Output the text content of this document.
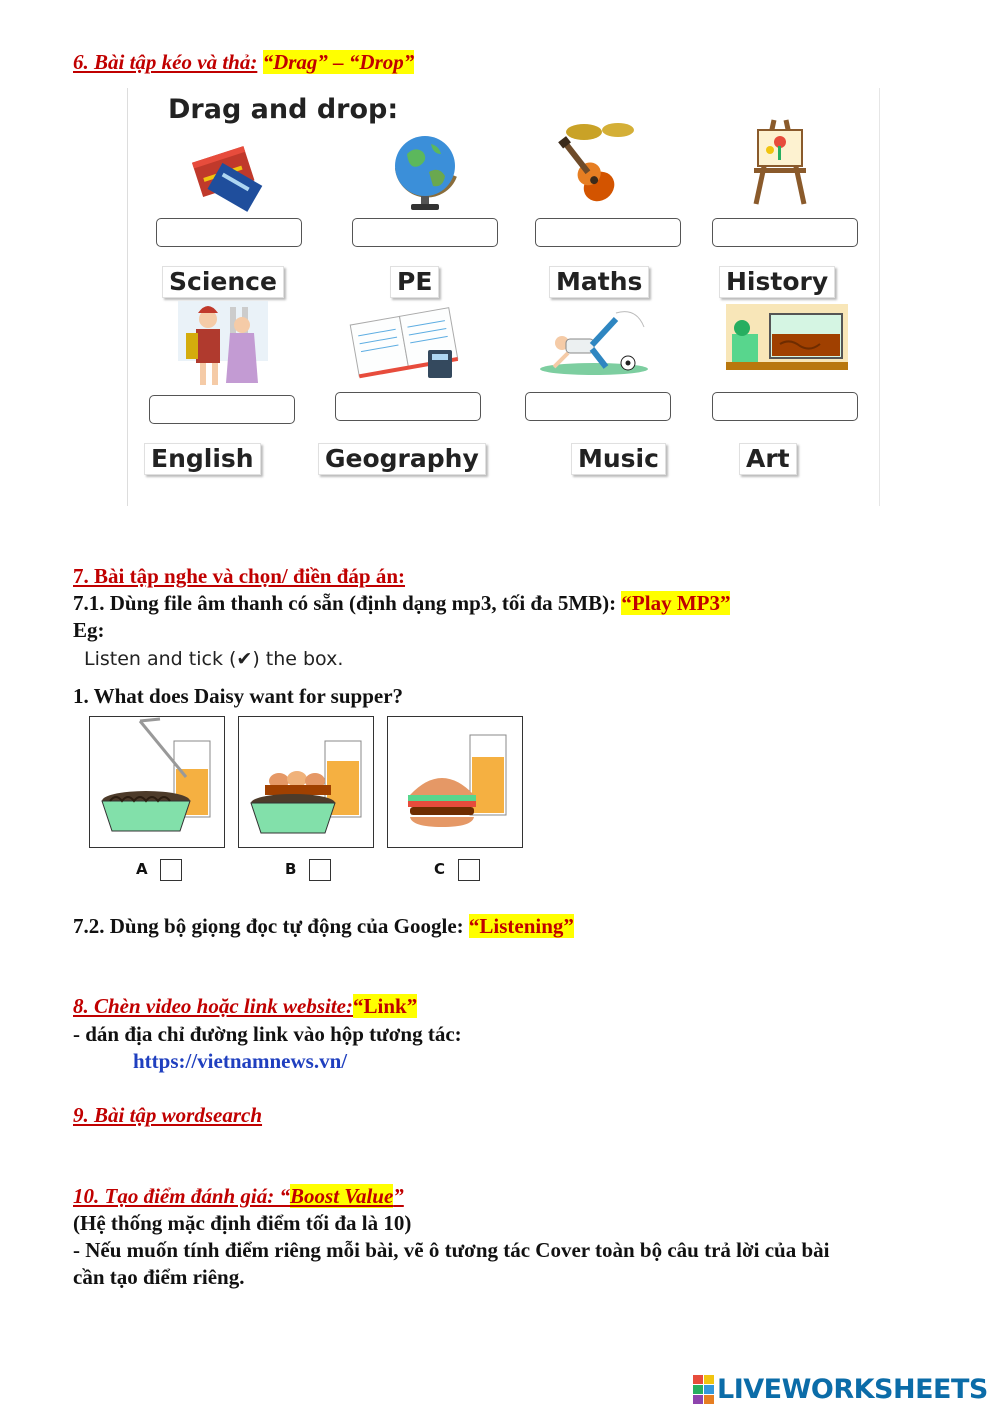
6. Bài tập kéo và thả: “Drag” – “Drop”
Drag and drop:
Science	PE	Maths	History
English	Geography	Music	Art
7. Bài tập nghe và chọn/ điền đáp án:
7.1. Dùng file âm thanh có sẵn (định dạng mp3, tối đa 5MB): “Play MP3”
Eg:
Listen and tick (✔) the box.
1. What does Daisy want for supper?
A	B	C
7.2. Dùng bộ giọng đọc tự động của Google: “Listening”
8. Chèn video hoặc link website:“Link”
- dán địa chỉ đường link vào hộp tương tác:
https://vietnamnews.vn/
9. Bài tập wordsearch
10. Tạo điểm đánh giá: “Boost Value”
(Hệ thống mặc định điểm tối đa là 10)
- Nếu muốn tính điểm riêng mỗi bài, vẽ ô tương tác Cover toàn bộ câu trả lời của bài
cần tạo điểm riêng.
LIVEWORKSHEETS
